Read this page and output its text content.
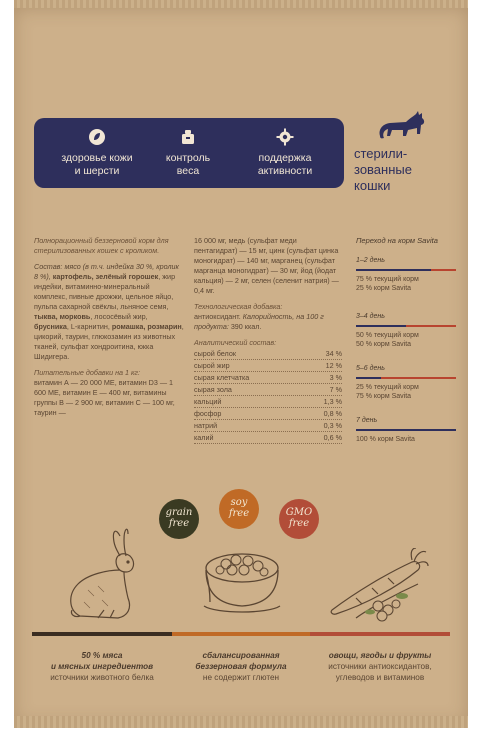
здоровье кожи
и шерсти
контроль
веса
поддержка
активности
стерили-
зованные
кошки
Полнорационный беззерновой корм для стерилизованных кошек с кроликом.
Состав: мясо (в т.ч. индейка 30 %, кролик 8 %), картофель, зелёный горошек, жир индейки, витаминно-минеральный комплекс, пивные дрожжи, цельное яйцо, пульпа сахарной свёклы, льняное семя, тыква, морковь, лососёвый жир, брусника, L-карнитин, ромашка, розмарин, цикорий, таурин, глюкозамин из животных тканей, сульфат хондроитина, юкка Шидигера.
Питательные добавки на 1 кг:
витамин А — 20 000 МЕ, витамин D3 — 1 600 МЕ, витамин Е — 400 мг, витамины группы В — 2 900 мг, витамин С — 100 мг, таурин —
16 000 мг, медь (сульфат меди пентагидрат) — 15 мг, цинк (сульфат цинка моногидрат) — 140 мг, марганец (сульфат марганца моногидрат) — 30 мг, йод (йодат кальция) — 2 мг, селен (селенит натрия) — 0,4 мг.
Технологическая добавка:
антиоксидант. Калорийность, на 100 г продукта: 390 ккал.
Аналитический состав:
сырой белок	34 %
сырой жир	12 %
сырая клетчатка	3 %
сырая зола	7 %
кальций	1,3 %
фосфор	0,8 %
натрий	0,3 %
калий	0,6 %
Переход на корм Savita
1–2 день
75 % текущий корм
25 % корм Savita
3–4 день
50 % текущий корм
50 % корм Savita
5–6 день
25 % текущий корм
75 % корм Savita
7 день
100 % корм Savita
grain
free
soy
free	GMO
free
50 % мяса
и мясных ингредиентов
источники животного белка
сбалансированная
беззерновая формула
не содержит глютен
овощи, ягоды и фрукты
источники антиоксидантов,
углеводов и витаминов
